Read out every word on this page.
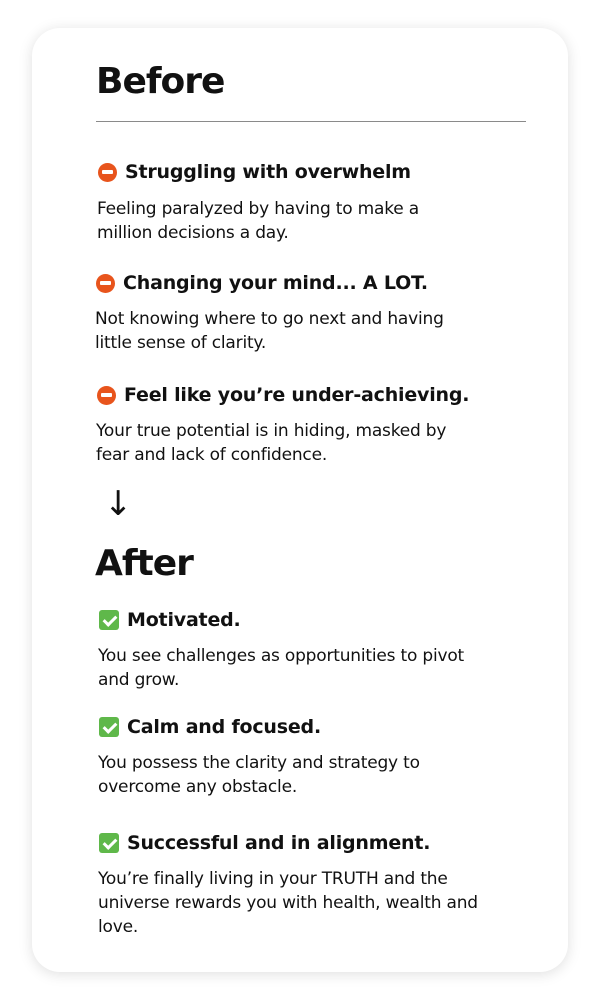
Before
Struggling with overwhelm
Feeling paralyzed by having to make a million decisions a day.
Changing your mind... A LOT.
Not knowing where to go next and having little sense of clarity.
Feel like you’re under-achieving.
Your true potential is in hiding, masked by fear and lack of confidence.
↓
After
Motivated.
You see challenges as opportunities to pivot and grow.
Calm and focused.
You possess the clarity and strategy to overcome any obstacle.
Successful and in alignment.
You’re finally living in your TRUTH and the universe rewards you with health, wealth and love.
